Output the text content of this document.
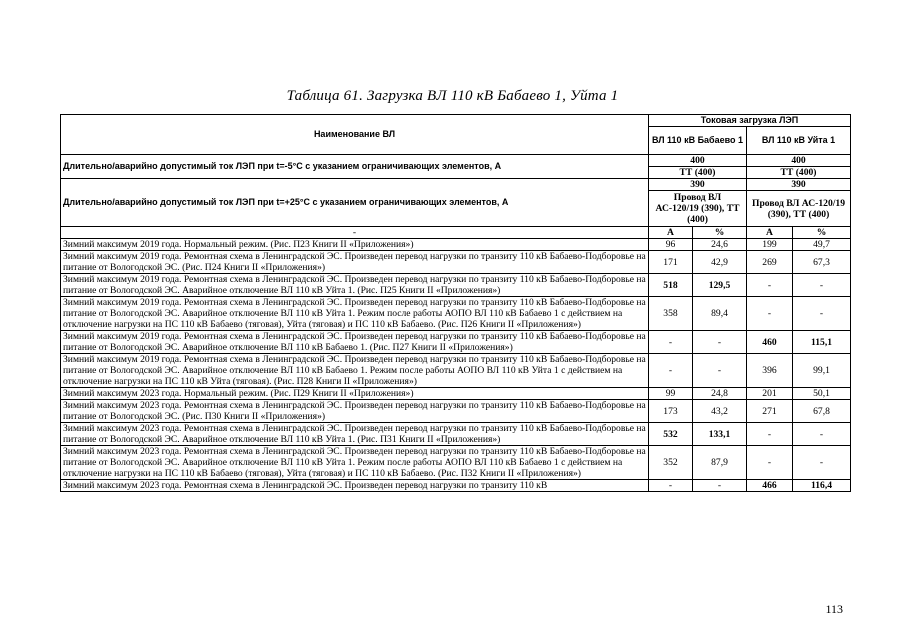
Таблица 61. Загрузка ВЛ 110 кВ Бабаево 1, Уйта 1
Наименование ВЛ	Токовая загрузка ЛЭП			
	ВЛ 110 кВ Бабаево 1		ВЛ 110 кВ Уйта 1	
Длительно/аварийно допустимый ток ЛЭП при t=-5°С с указанием ограничивающих элементов, А	400		400	
	ТТ (400)		ТТ (400)	
Длительно/аварийно допустимый ток ЛЭП при t=+25°С с указанием ограничивающих элементов, А	390		390	
	Провод ВЛ АС-120/19 (390), ТТ (400)		Провод ВЛ АС-120/19 (390), ТТ (400)	
-	А	%	А	%
Зимний максимум 2019 года. Нормальный режим. (Рис. П23 Книги II «Приложения»)	96	24,6	199	49,7
Зимний максимум 2019 года. Ремонтная схема в Ленинградской ЭС. Произведен перевод нагрузки по транзиту 110 кВ Бабаево-Подборовье на питание от Вологодской ЭС. (Рис. П24 Книги II «Приложения»)	171	42,9	269	67,3
Зимний максимум 2019 года. Ремонтная схема в Ленинградской ЭС. Произведен перевод нагрузки по транзиту 110 кВ Бабаево-Подборовье на питание от Вологодской ЭС. Аварийное отключение ВЛ 110 кВ Уйта 1. (Рис. П25 Книги II «Приложения»)	518	129,5	-	-
Зимний максимум 2019 года. Ремонтная схема в Ленинградской ЭС. Произведен перевод нагрузки по транзиту 110 кВ Бабаево-Подборовье на питание от Вологодской ЭС. Аварийное отключение ВЛ 110 кВ Уйта 1. Режим после работы АОПО ВЛ 110 кВ Бабаево 1 с действием на отключение нагрузки на ПС 110 кВ Бабаево (тяговая), Уйта (тяговая) и ПС 110 кВ Бабаево. (Рис. П26 Книги II «Приложения»)	358	89,4	-	-
Зимний максимум 2019 года. Ремонтная схема в Ленинградской ЭС. Произведен перевод нагрузки по транзиту 110 кВ Бабаево-Подборовье на питание от Вологодской ЭС. Аварийное отключение ВЛ 110 кВ Бабаево 1. (Рис. П27 Книги II «Приложения»)	-	-	460	115,1
Зимний максимум 2019 года. Ремонтная схема в Ленинградской ЭС. Произведен перевод нагрузки по транзиту 110 кВ Бабаево-Подборовье на питание от Вологодской ЭС. Аварийное отключение ВЛ 110 кВ Бабаево 1. Режим после работы АОПО ВЛ 110 кВ Уйта 1 с действием на отключение нагрузки на ПС 110 кВ Уйта (тяговая). (Рис. П28 Книги II «Приложения»)	-	-	396	99,1
Зимний максимум 2023 года. Нормальный режим. (Рис. П29 Книги II «Приложения»)	99	24,8	201	50,1
Зимний максимум 2023 года. Ремонтная схема в Ленинградской ЭС. Произведен перевод нагрузки по транзиту 110 кВ Бабаево-Подборовье на питание от Вологодской ЭС. (Рис. П30 Книги II «Приложения»)	173	43,2	271	67,8
Зимний максимум 2023 года. Ремонтная схема в Ленинградской ЭС. Произведен перевод нагрузки по транзиту 110 кВ Бабаево-Подборовье на питание от Вологодской ЭС. Аварийное отключение ВЛ 110 кВ Уйта 1. (Рис. П31 Книги II «Приложения»)	532	133,1	-	-
Зимний максимум 2023 года. Ремонтная схема в Ленинградской ЭС. Произведен перевод нагрузки по транзиту 110 кВ Бабаево-Подборовье на питание от Вологодской ЭС. Аварийное отключение ВЛ 110 кВ Уйта 1. Режим после работы АОПО ВЛ 110 кВ Бабаево 1 с действием на отключение нагрузки на ПС 110 кВ Бабаево (тяговая), Уйта (тяговая) и ПС 110 кВ Бабаево. (Рис. П32 Книги II «Приложения»)	352	87,9	-	-
Зимний максимум 2023 года. Ремонтная схема в Ленинградской ЭС. Произведен перевод нагрузки по транзиту 110 кВ	-	-	466	116,4
113
